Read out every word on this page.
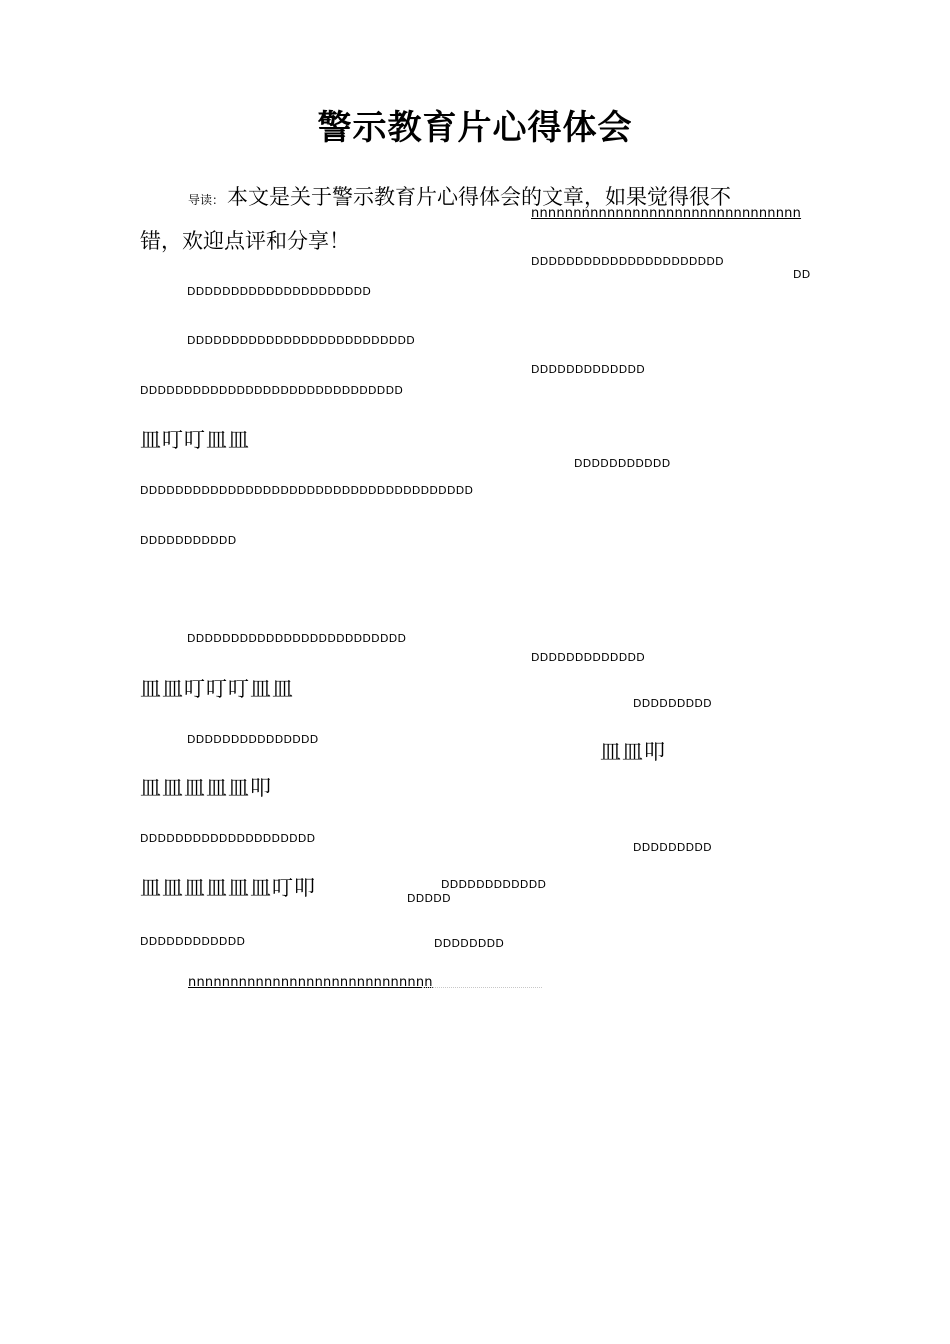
警示教育片心得体会
导读： 本文是关于警示教育片心得体会的文章，如果觉得很不
错，欢迎点评和分享！
nnnnnnnnnnnnnnnnnnnnnnnnnnnnnnnn
DDDDDDDDDDDDDDDDDDDDDD
DD
DDDDDDDDDDDDDDDDDDDDD
DDDDDDDDDDDDDDDDDDDDDDDDDD
DDDDDDDDDDDDD
DDDDDDDDDDDDDDDDDDDDDDDDDDDDDD
皿叮叮皿皿
DDDDDDDDDDD
DDDDDDDDDDDDDDDDDDDDDDDDDDDDDDDDDDDDDD
DDDDDDDDDDD
DDDDDDDDDDDDDDDDDDDDDDDDD
DDDDDDDDDDDDD
皿皿叮叮叮皿皿
DDDDDDDDD
DDDDDDDDDDDDDDD
皿皿叩
皿皿皿皿皿叩
DDDDDDDDDDDDDDDDDDDD
DDDDDDDDD
皿皿皿皿皿皿叮叩	DDDDDDDDDDDD
DDDDD
DDDDDDDDDDDD	DDDDDDDD
nnnnnnnnnnnnnnnnnnnnnnnnnnnnn
